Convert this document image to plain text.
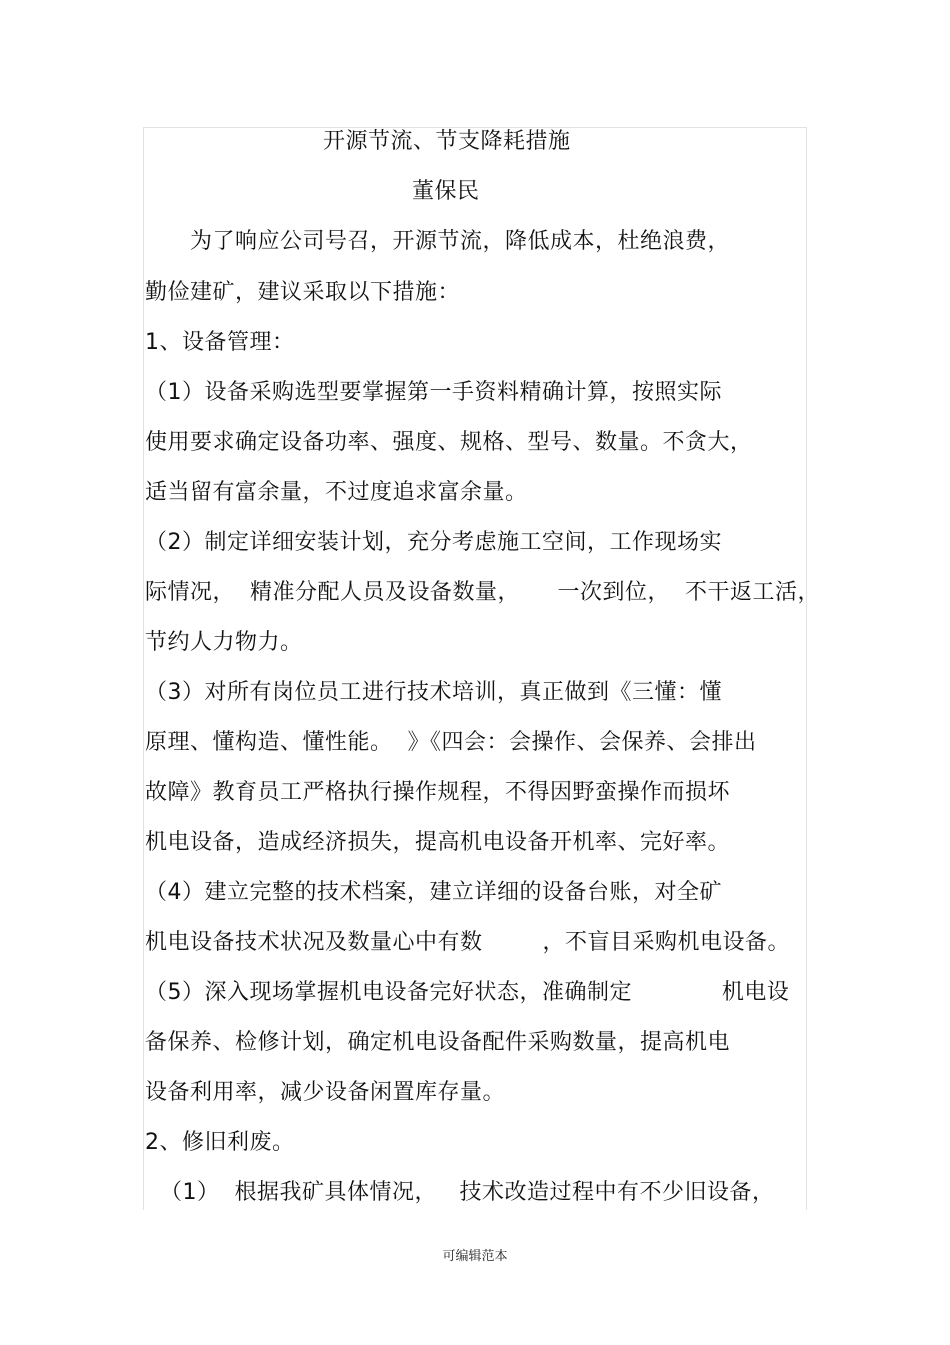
开源节流、节支降耗措施
董保民
　　为了响应公司号召，开源节流，降低成本，杜绝浪费，
勤俭建矿，建议采取以下措施：
1、设备管理：
（1）设备采购选型要掌握第一手资料精确计算，按照实际
使用要求确定设备功率、强度、规格、型号、数量。不贪大，
适当留有富余量，不过度追求富余量。
（2）制定详细安装计划，充分考虑施工空间，工作现场实
际情况，  精准分配人员及设备数量，     一次到位，  不干返工活，
节约人力物力。
（3）对所有岗位员工进行技术培训，真正做到《三懂：懂
原理、懂构造、懂性能。  》《四会：会操作、会保养、会排出
故障》教育员工严格执行操作规程，不得因野蛮操作而损坏
机电设备，造成经济损失，提高机电设备开机率、完好率。
（4）建立完整的技术档案，建立详细的设备台账，对全矿
机电设备技术状况及数量心中有数        ，不盲目采购机电设备。
（5）深入现场掌握机电设备完好状态，准确制定            机电设
备保养、检修计划，确定机电设备配件采购数量，提高机电
设备利用率，减少设备闲置库存量。
2、修旧利废。
（1）  根据我矿具体情况，   技术改造过程中有不少旧设备，
可编辑范本
